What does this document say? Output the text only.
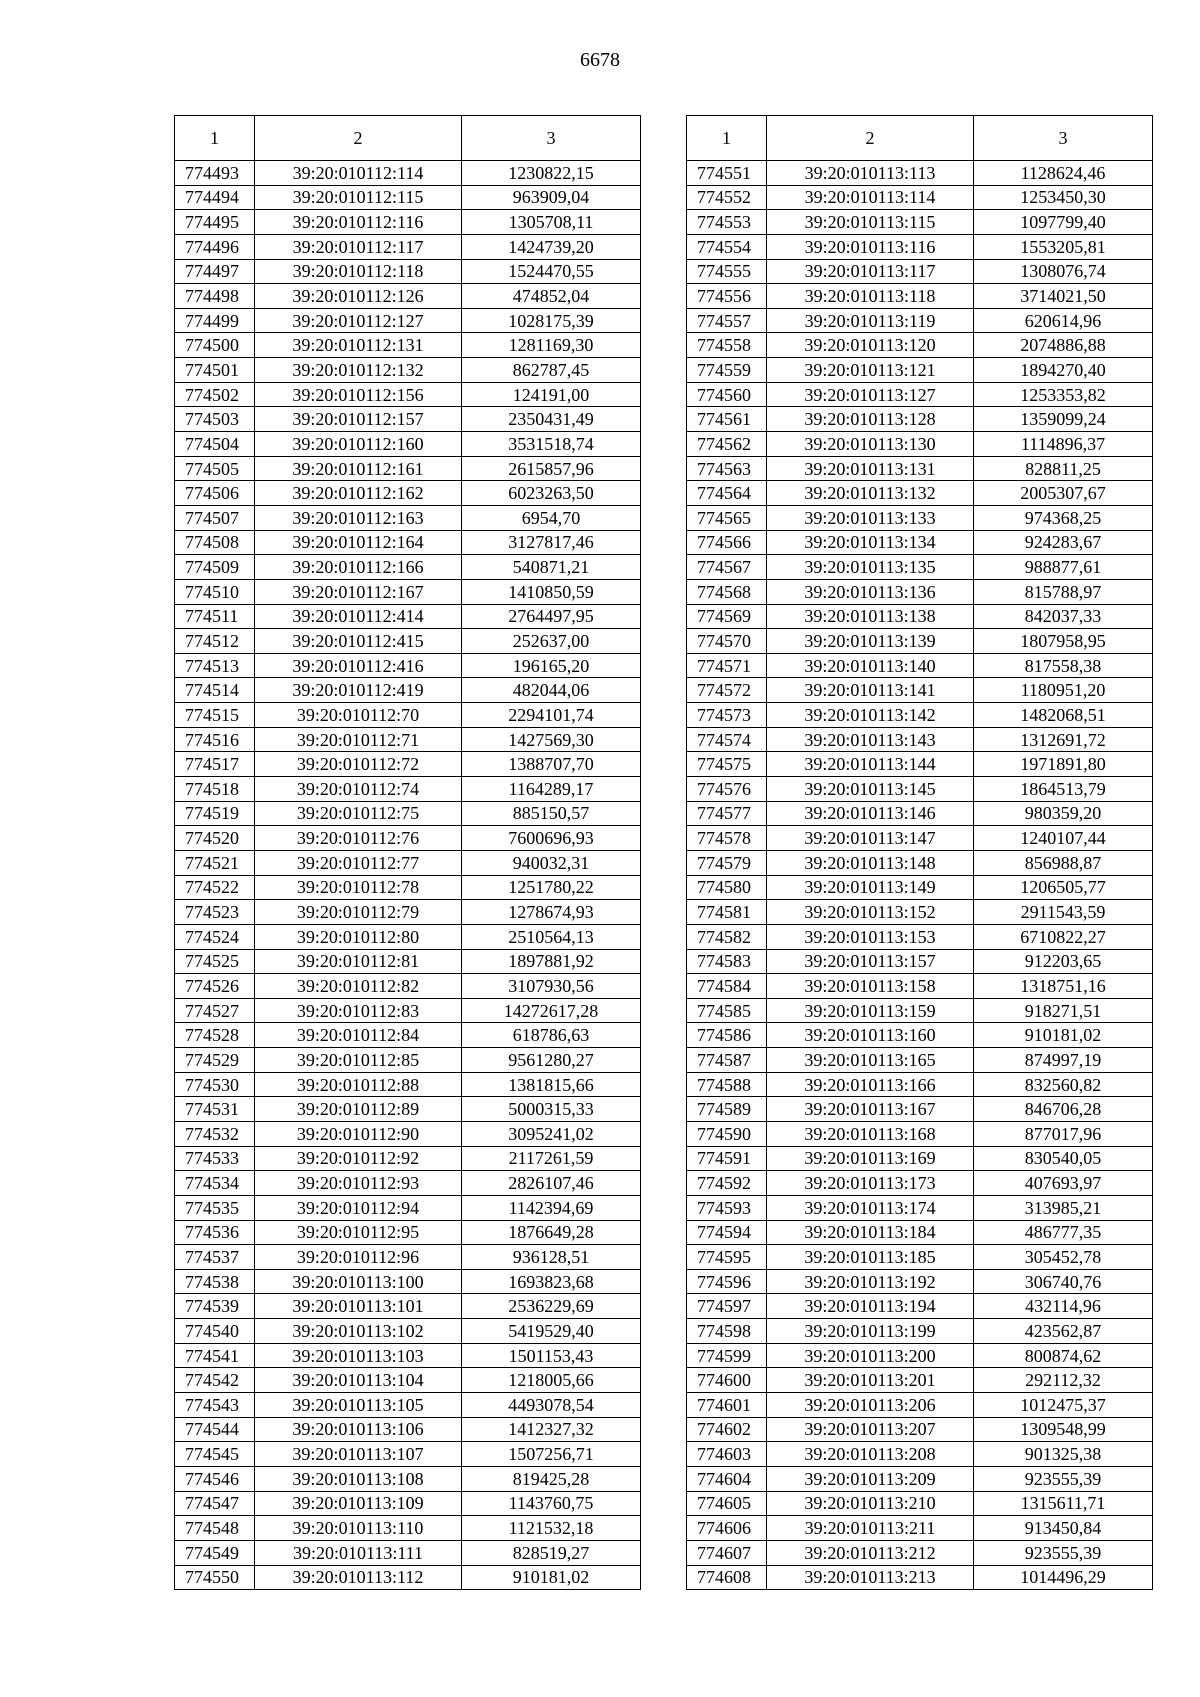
6678
1	2	3
774493	39:20:010112:114	1230822,15
774494	39:20:010112:115	963909,04
774495	39:20:010112:116	1305708,11
774496	39:20:010112:117	1424739,20
774497	39:20:010112:118	1524470,55
774498	39:20:010112:126	474852,04
774499	39:20:010112:127	1028175,39
774500	39:20:010112:131	1281169,30
774501	39:20:010112:132	862787,45
774502	39:20:010112:156	124191,00
774503	39:20:010112:157	2350431,49
774504	39:20:010112:160	3531518,74
774505	39:20:010112:161	2615857,96
774506	39:20:010112:162	6023263,50
774507	39:20:010112:163	6954,70
774508	39:20:010112:164	3127817,46
774509	39:20:010112:166	540871,21
774510	39:20:010112:167	1410850,59
774511	39:20:010112:414	2764497,95
774512	39:20:010112:415	252637,00
774513	39:20:010112:416	196165,20
774514	39:20:010112:419	482044,06
774515	39:20:010112:70	2294101,74
774516	39:20:010112:71	1427569,30
774517	39:20:010112:72	1388707,70
774518	39:20:010112:74	1164289,17
774519	39:20:010112:75	885150,57
774520	39:20:010112:76	7600696,93
774521	39:20:010112:77	940032,31
774522	39:20:010112:78	1251780,22
774523	39:20:010112:79	1278674,93
774524	39:20:010112:80	2510564,13
774525	39:20:010112:81	1897881,92
774526	39:20:010112:82	3107930,56
774527	39:20:010112:83	14272617,28
774528	39:20:010112:84	618786,63
774529	39:20:010112:85	9561280,27
774530	39:20:010112:88	1381815,66
774531	39:20:010112:89	5000315,33
774532	39:20:010112:90	3095241,02
774533	39:20:010112:92	2117261,59
774534	39:20:010112:93	2826107,46
774535	39:20:010112:94	1142394,69
774536	39:20:010112:95	1876649,28
774537	39:20:010112:96	936128,51
774538	39:20:010113:100	1693823,68
774539	39:20:010113:101	2536229,69
774540	39:20:010113:102	5419529,40
774541	39:20:010113:103	1501153,43
774542	39:20:010113:104	1218005,66
774543	39:20:010113:105	4493078,54
774544	39:20:010113:106	1412327,32
774545	39:20:010113:107	1507256,71
774546	39:20:010113:108	819425,28
774547	39:20:010113:109	1143760,75
774548	39:20:010113:110	1121532,18
774549	39:20:010113:111	828519,27
774550	39:20:010113:112	910181,02
1	2	3
774551	39:20:010113:113	1128624,46
774552	39:20:010113:114	1253450,30
774553	39:20:010113:115	1097799,40
774554	39:20:010113:116	1553205,81
774555	39:20:010113:117	1308076,74
774556	39:20:010113:118	3714021,50
774557	39:20:010113:119	620614,96
774558	39:20:010113:120	2074886,88
774559	39:20:010113:121	1894270,40
774560	39:20:010113:127	1253353,82
774561	39:20:010113:128	1359099,24
774562	39:20:010113:130	1114896,37
774563	39:20:010113:131	828811,25
774564	39:20:010113:132	2005307,67
774565	39:20:010113:133	974368,25
774566	39:20:010113:134	924283,67
774567	39:20:010113:135	988877,61
774568	39:20:010113:136	815788,97
774569	39:20:010113:138	842037,33
774570	39:20:010113:139	1807958,95
774571	39:20:010113:140	817558,38
774572	39:20:010113:141	1180951,20
774573	39:20:010113:142	1482068,51
774574	39:20:010113:143	1312691,72
774575	39:20:010113:144	1971891,80
774576	39:20:010113:145	1864513,79
774577	39:20:010113:146	980359,20
774578	39:20:010113:147	1240107,44
774579	39:20:010113:148	856988,87
774580	39:20:010113:149	1206505,77
774581	39:20:010113:152	2911543,59
774582	39:20:010113:153	6710822,27
774583	39:20:010113:157	912203,65
774584	39:20:010113:158	1318751,16
774585	39:20:010113:159	918271,51
774586	39:20:010113:160	910181,02
774587	39:20:010113:165	874997,19
774588	39:20:010113:166	832560,82
774589	39:20:010113:167	846706,28
774590	39:20:010113:168	877017,96
774591	39:20:010113:169	830540,05
774592	39:20:010113:173	407693,97
774593	39:20:010113:174	313985,21
774594	39:20:010113:184	486777,35
774595	39:20:010113:185	305452,78
774596	39:20:010113:192	306740,76
774597	39:20:010113:194	432114,96
774598	39:20:010113:199	423562,87
774599	39:20:010113:200	800874,62
774600	39:20:010113:201	292112,32
774601	39:20:010113:206	1012475,37
774602	39:20:010113:207	1309548,99
774603	39:20:010113:208	901325,38
774604	39:20:010113:209	923555,39
774605	39:20:010113:210	1315611,71
774606	39:20:010113:211	913450,84
774607	39:20:010113:212	923555,39
774608	39:20:010113:213	1014496,29
